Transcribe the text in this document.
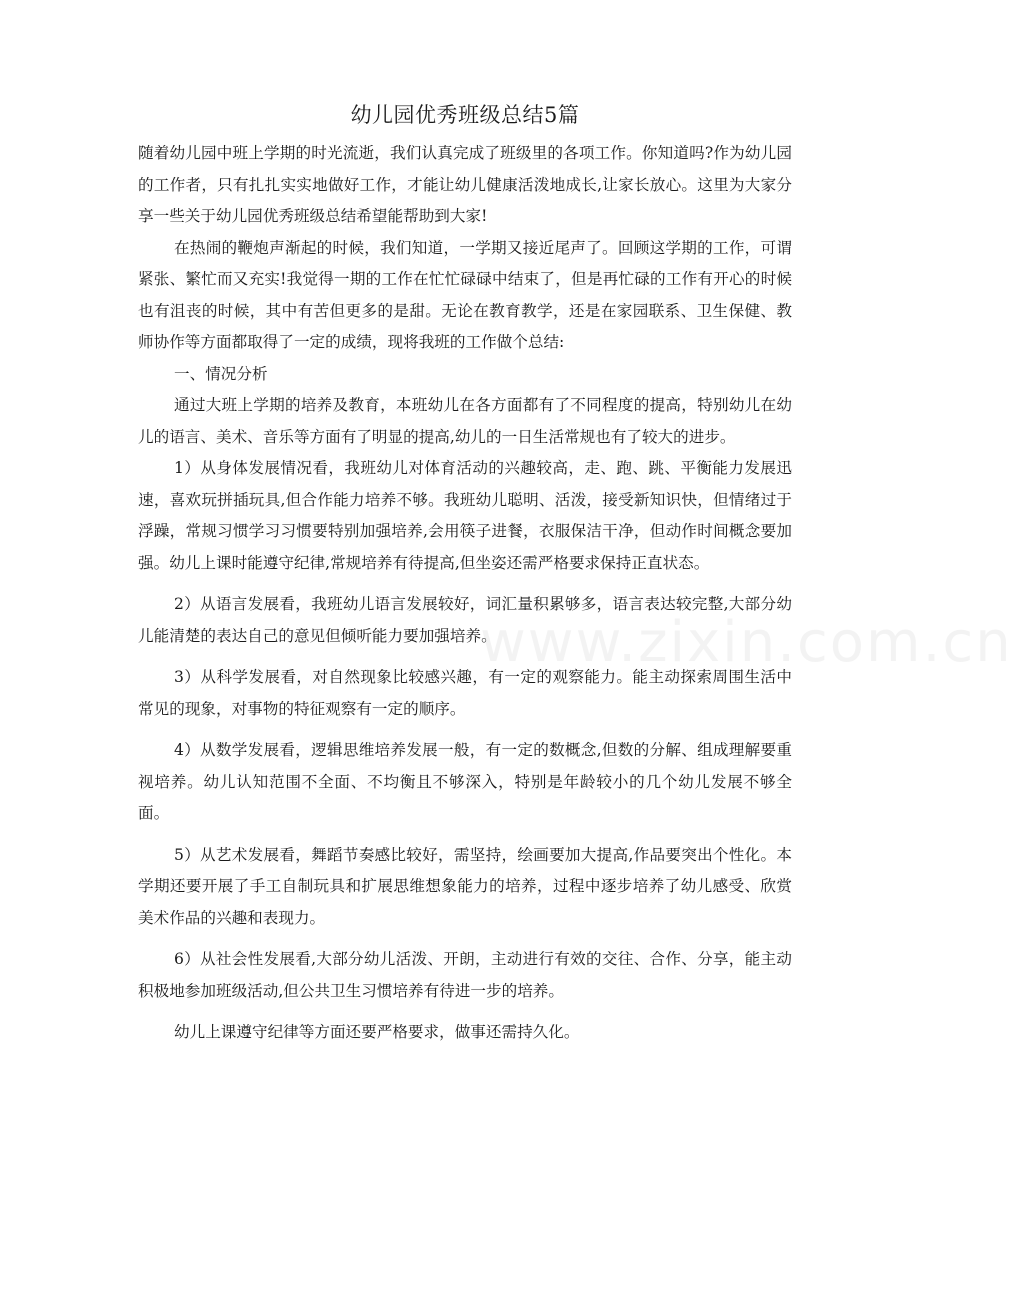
幼儿园优秀班级总结5篇

随着幼儿园中班上学期的时光流逝，我们认真完成了班级里的各项工作。你知道吗?作为幼儿园的工作者，只有扎扎实实地做好工作，才能让幼儿健康活泼地成长,让家长放心。这里为大家分享一些关于幼儿园优秀班级总结希望能帮助到大家!

在热闹的鞭炮声渐起的时候，我们知道，一学期又接近尾声了。回顾这学期的工作，可谓紧张、繁忙而又充实!我觉得一期的工作在忙忙碌碌中结束了，但是再忙碌的工作有开心的时候也有沮丧的时候，其中有苦但更多的是甜。无论在教育教学，还是在家园联系、卫生保健、教师协作等方面都取得了一定的成绩，现将我班的工作做个总结:

一、情况分析

通过大班上学期的培养及教育，本班幼儿在各方面都有了不同程度的提高，特别幼儿在幼儿的语言、美术、音乐等方面有了明显的提高,幼儿的一日生活常规也有了较大的进步。

1）从身体发展情况看，我班幼儿对体育活动的兴趣较高，走、跑、跳、平衡能力发展迅速，喜欢玩拼插玩具,但合作能力培养不够。我班幼儿聪明、活泼，接受新知识快，但情绪过于浮躁，常规习惯学习习惯要特别加强培养,会用筷子进餐，衣服保洁干净，但动作时间概念要加强。幼儿上课时能遵守纪律,常规培养有待提高,但坐姿还需严格要求保持正直状态。

2）从语言发展看，我班幼儿语言发展较好，词汇量积累够多，语言表达较完整,大部分幼儿能清楚的表达自己的意见但倾听能力要加强培养。

3）从科学发展看，对自然现象比较感兴趣，有一定的观察能力。能主动探索周围生活中常见的现象，对事物的特征观察有一定的顺序。

4）从数学发展看，逻辑思维培养发展一般，有一定的数概念,但数的分解、组成理解要重视培养。幼儿认知范围不全面、不均衡且不够深入，特别是年龄较小的几个幼儿发展不够全面。

5）从艺术发展看，舞蹈节奏感比较好，需坚持，绘画要加大提高,作品要突出个性化。本学期还要开展了手工自制玩具和扩展思维想象能力的培养，过程中逐步培养了幼儿感受、欣赏美术作品的兴趣和表现力。

6）从社会性发展看,大部分幼儿活泼、开朗，主动进行有效的交往、合作、分享，能主动积极地参加班级活动,但公共卫生习惯培养有待进一步的培养。

幼儿上课遵守纪律等方面还要严格要求，做事还需持久化。

www.zixin.com.cn
